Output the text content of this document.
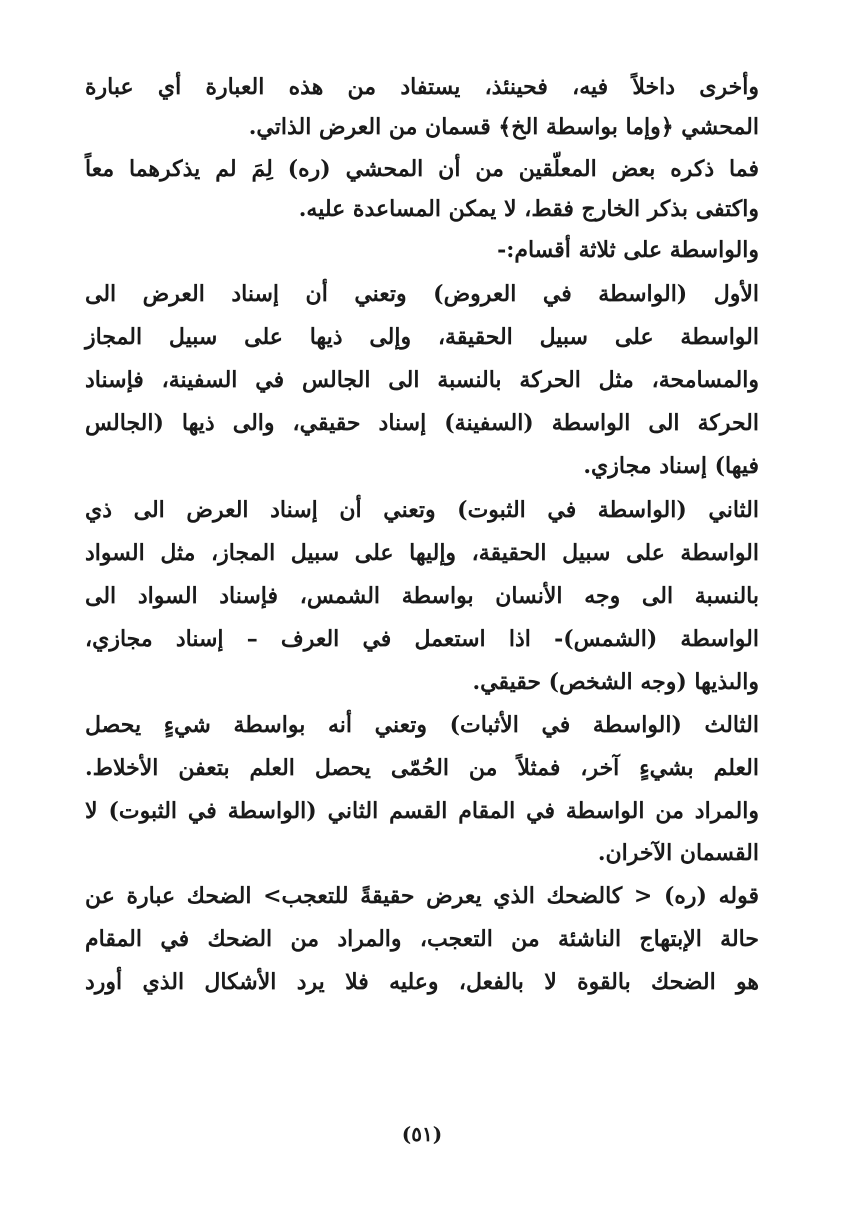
وأخرى داخلاً فيه، فحينئذ، يستفاد من هذه العبارة أي عبارة
المحشي ﴿وإما بواسطة الخ﴾ قسمان من العرض الذاتي.
فما ذكره بعض المعلّقين من أن المحشي (ره) لِمَ لم يذكرهما معاً
واكتفى بذكر الخارج فقط، لا يمكن المساعدة عليه.
والواسطة على ثلاثة أقسام:-
الأول (الواسطة في العروض) وتعني أن إسناد العرض الى
الواسطة على سبيل الحقيقة، وإلى ذيها على سبيل المجاز
والمسامحة، مثل الحركة بالنسبة الى الجالس في السفينة، فإسناد
الحركة الى الواسطة (السفينة) إسناد حقيقي، والى ذيها (الجالس
فيها) إسناد مجازي.
الثاني (الواسطة في الثبوت) وتعني أن إسناد العرض الى ذي
الواسطة على سبيل الحقيقة، وإليها على سبيل المجاز، مثل السواد
بالنسبة الى وجه الأنسان بواسطة الشمس، فإسناد السواد الى
الواسطة (الشمس)- اذا استعمل في العرف – إسناد مجازي،
والىذيها (وجه الشخص) حقيقي.
الثالث (الواسطة في الأثبات) وتعني أنه بواسطة شيءٍ يحصل
العلم بشيءٍ آخر، فمثلاً من الحُمّى يحصل العلم بتعفن الأخلاط.
والمراد من الواسطة في المقام القسم الثاني (الواسطة في الثبوت) لا
القسمان الآخران.
قوله (ره) < كالضحك الذي يعرض حقيقةً للتعجب> الضحك عبارة عن
حالة الإبتهاج الناشئة من التعجب، والمراد من الضحك في المقام
هو الضحك بالقوة لا بالفعل، وعليه فلا يرد الأشكال الذي أورد
(٥١)
